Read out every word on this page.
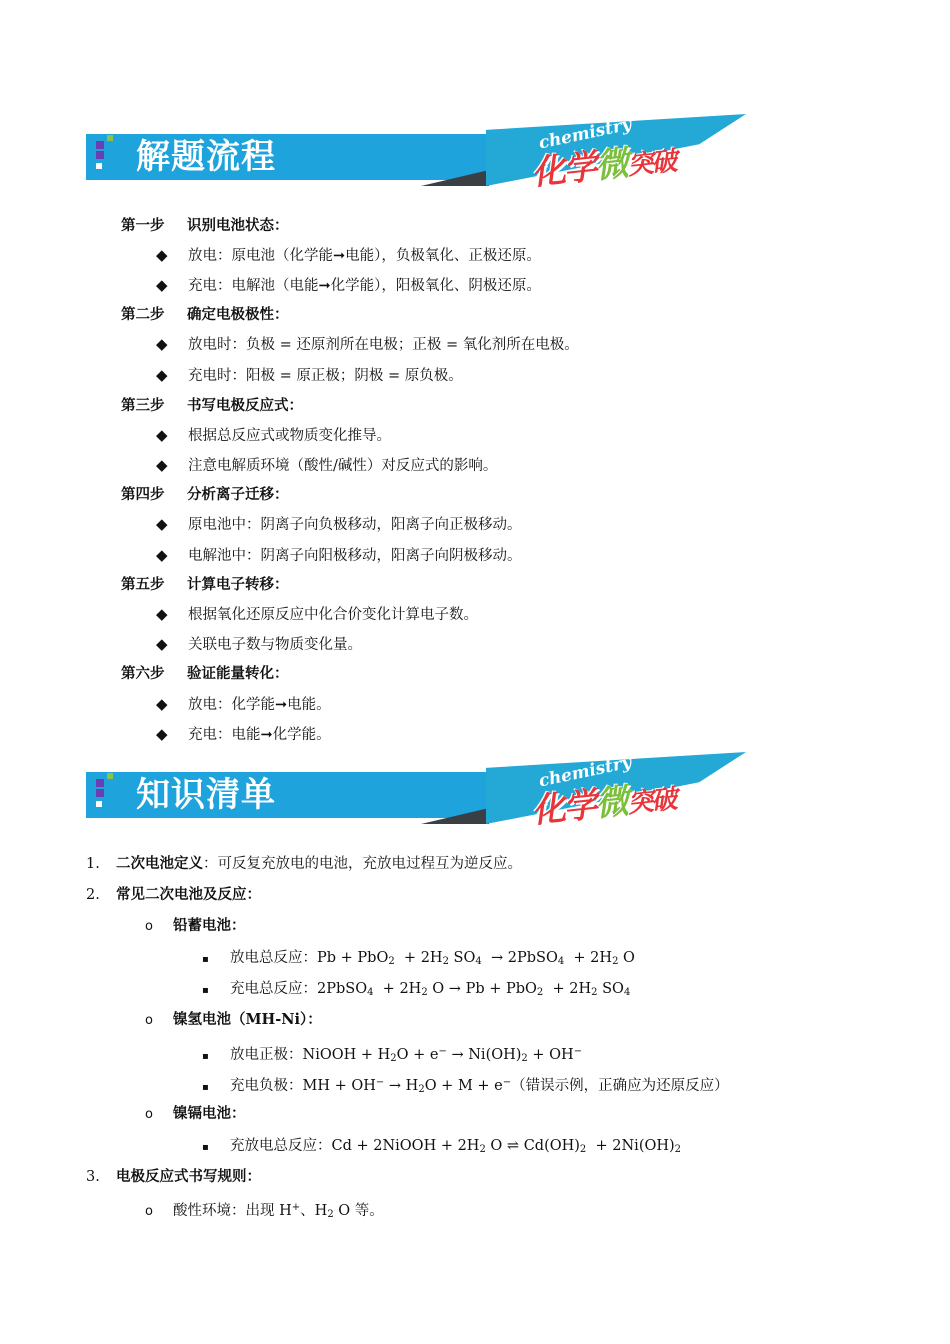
解题流程
chemistry
化学微突破
第一步 识别电池状态：
◆ 放电：原电池（化学能➞电能），负极氧化、正极还原。
◆ 充电：电解池（电能➞化学能），阳极氧化、阴极还原。
第二步 确定电极极性：
◆ 放电时：负极 = 还原剂所在电极；正极 = 氧化剂所在电极。
◆ 充电时：阳极 = 原正极；阴极 = 原负极。
第三步 书写电极反应式：
◆ 根据总反应式或物质变化推导。
◆ 注意电解质环境（酸性/碱性）对反应式的影响。
第四步 分析离子迁移：
◆ 原电池中：阴离子向负极移动，阳离子向正极移动。
◆ 电解池中：阴离子向阳极移动，阳离子向阴极移动。
第五步 计算电子转移：
◆ 根据氧化还原反应中化合价变化计算电子数。
◆ 关联电子数与物质变化量。
第六步 验证能量转化：
◆ 放电：化学能➞电能。
◆ 充电：电能➞化学能。
知识清单
chemistry
化学微突破
1. 二次电池定义：可反复充放电的电池，充放电过程互为逆反应。
2. 常见二次电池及反应：
o 铅蓄电池：
▪ 放电总反应：$Pb + PbO_2 + 2H_2$ $SO_4$  → 2PbSO$_4$  + $2H_2$ O
▪ 充电总反应：2PbSO$_4$  + $2H_2$ $O \to Pb + PbO_2 + 2H_2$ $SO_4$
o 镍氢电池（MH-Ni）：
▪ 放电正极：NiOOH + $H_2O + e^- \to Ni(OH)_2 + OH^-$
▪ 充电负极：MH + $OH^- \to H_2O + M + e^-$（错误示例，正确应为还原反应）
o 镍镉电池：
▪ 充放电总反应：Cd + 2NiOOH + $2H_2$ O ⇌ $Cd(OH)_2 + 2Ni(OH)_2$
3. 电极反应式书写规则：
o 酸性环境：出现 H+、$H_2$ O 等。
